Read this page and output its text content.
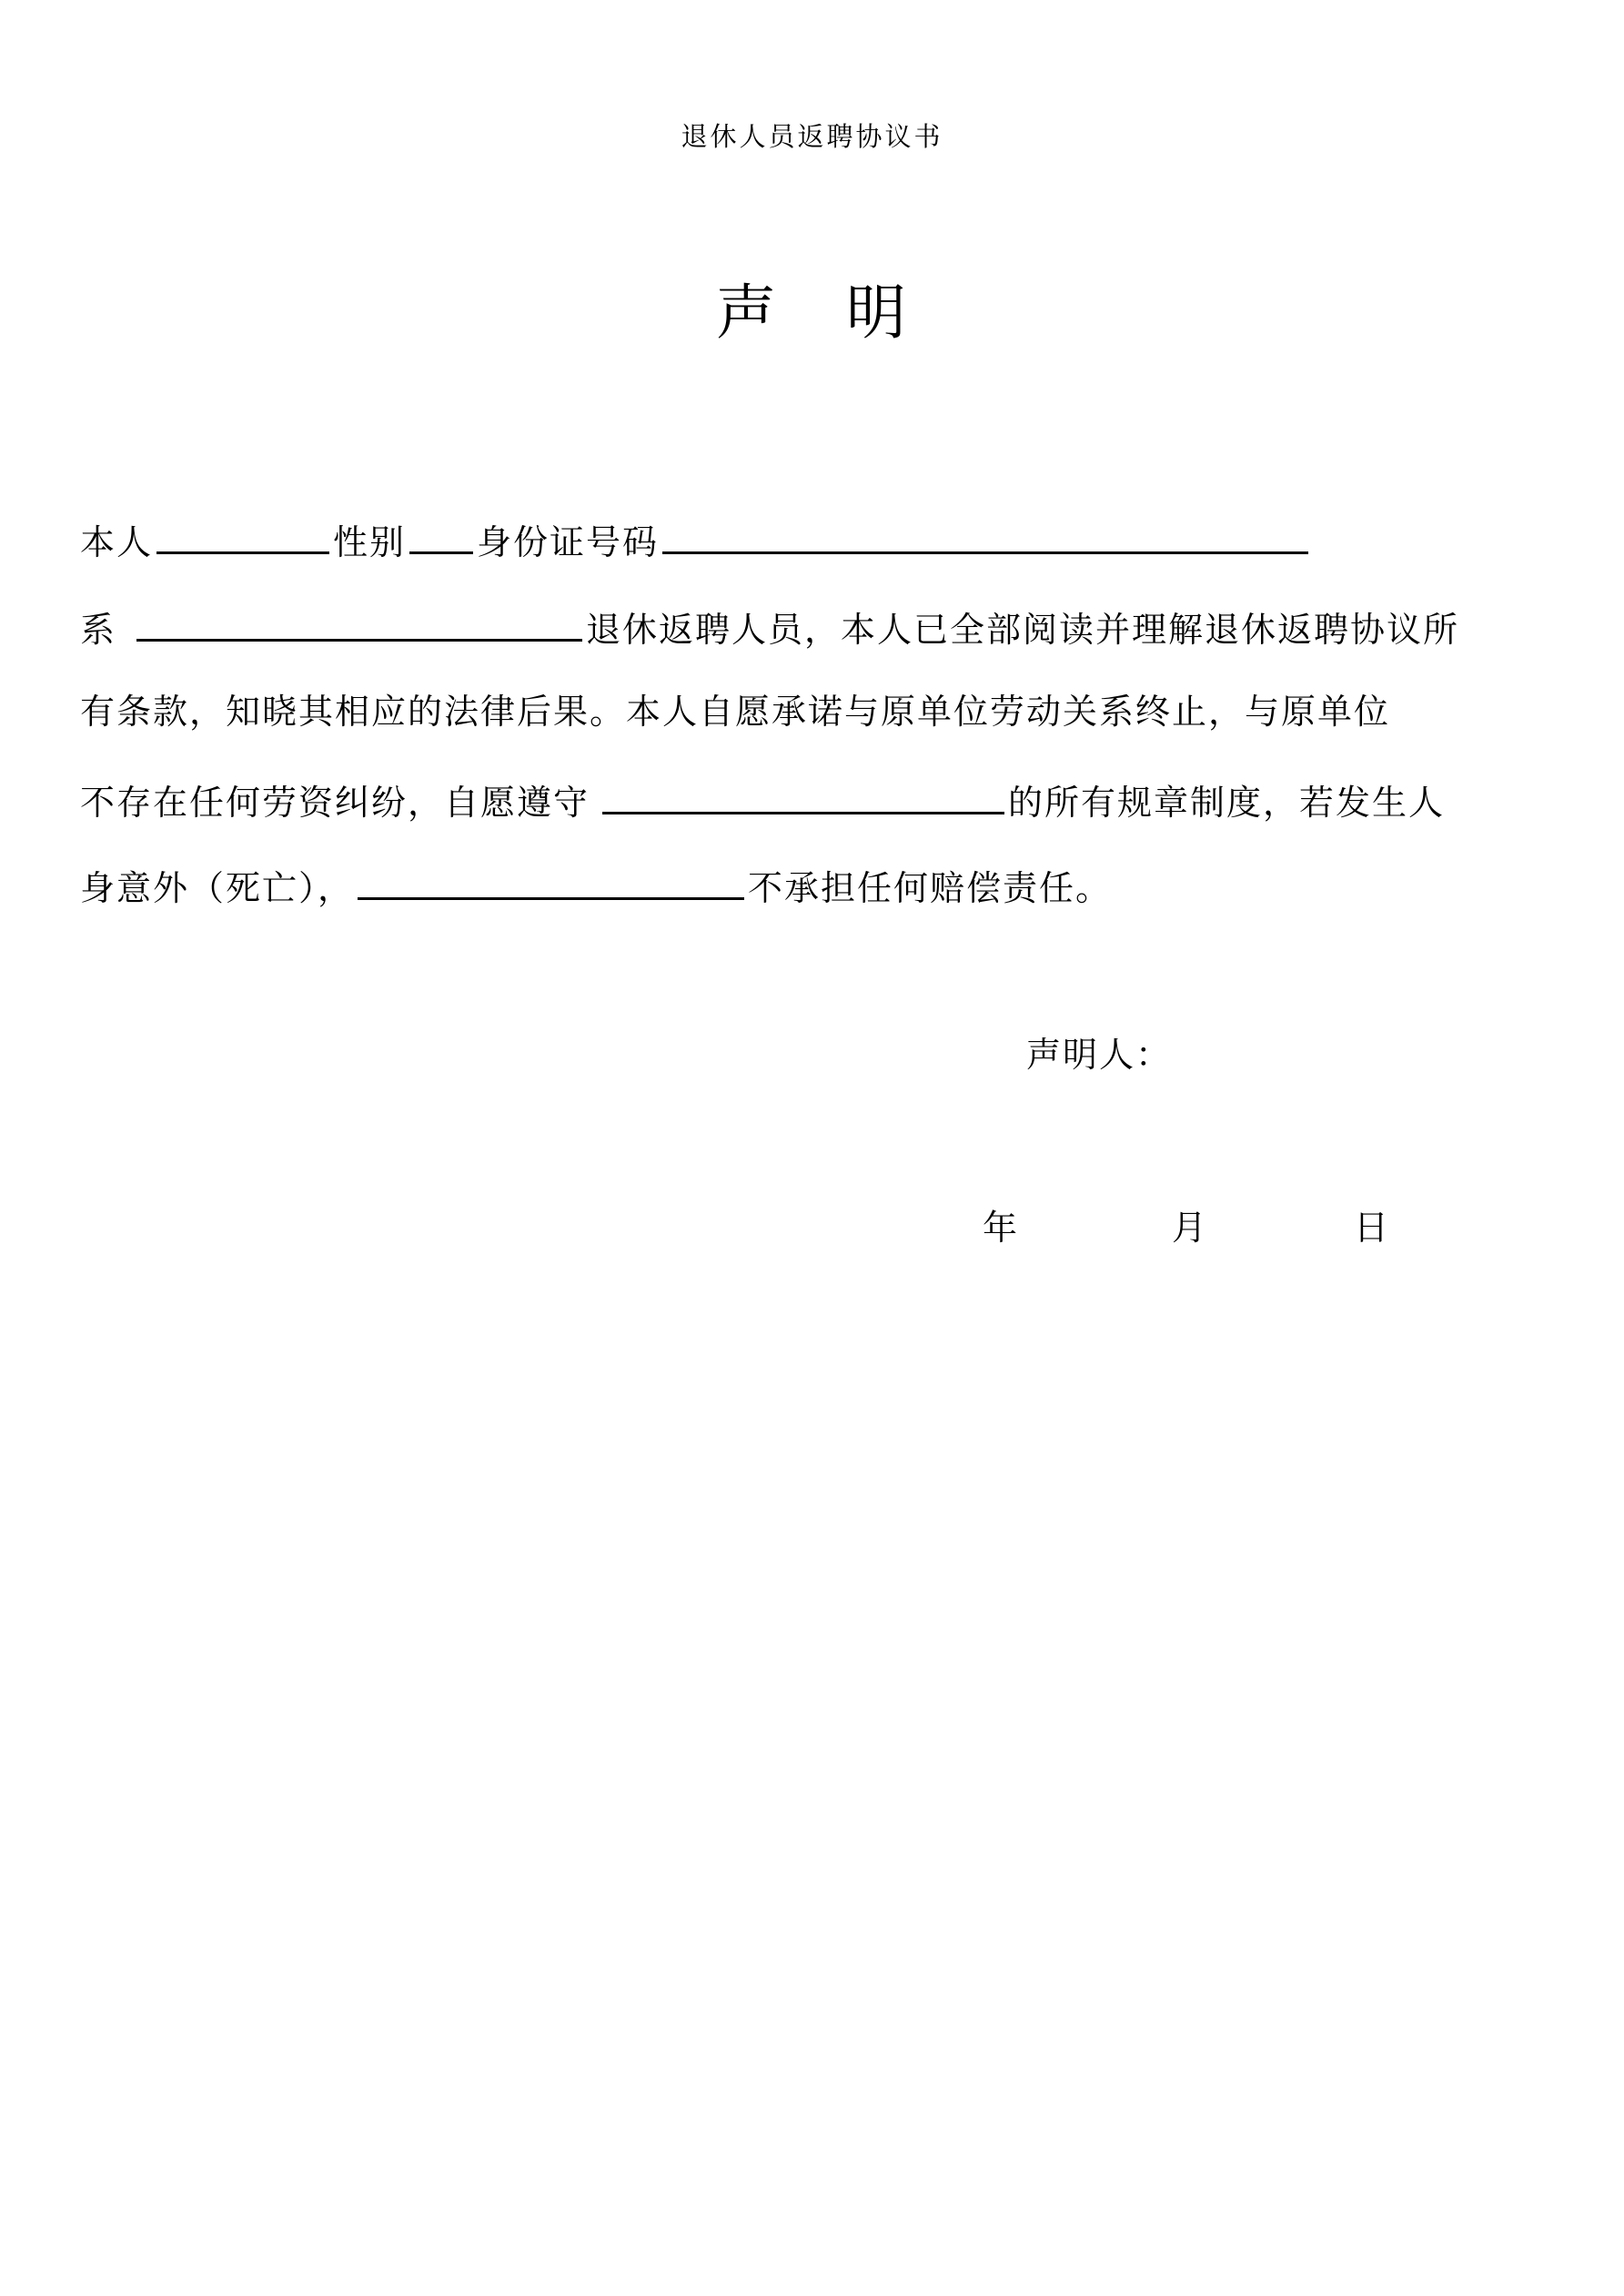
退休人员返聘协议书
声 明
本人	性别 身份证号码
系	退休返聘人员，本人已全部阅读并理解退休返聘协议所
有条款，知晓其相应的法律后果。本人自愿承诺与原单位劳动关系终止，与原单位
不存在任何劳资纠纷，自愿遵守	的所有规章制度，若发生人
身意外（死亡），	不承担任何赔偿责任。
声明人：
年	月	日
